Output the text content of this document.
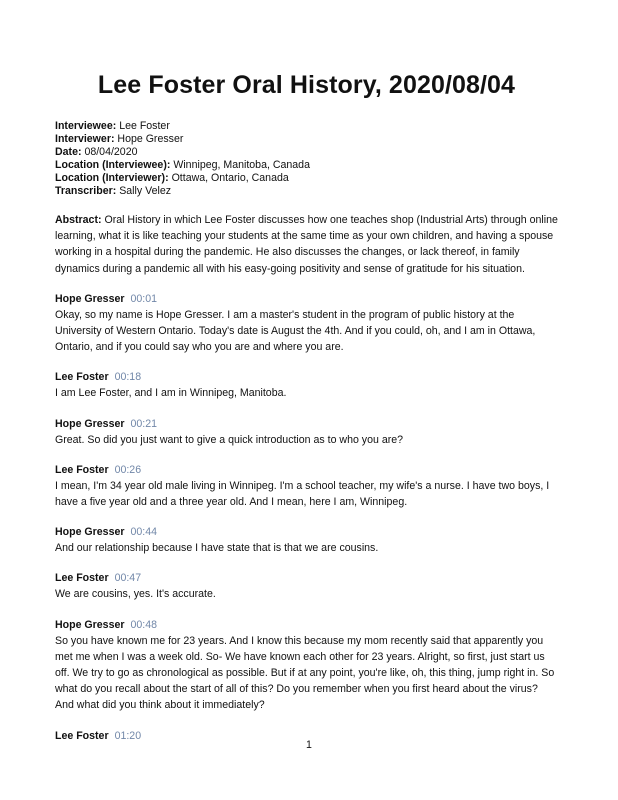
Lee Foster Oral History, 2020/08/04
Interviewee: Lee Foster
Interviewer: Hope Gresser
Date: 08/04/2020
Location (Interviewee): Winnipeg, Manitoba, Canada
Location (Interviewer): Ottawa, Ontario, Canada
Transcriber: Sally Velez
Abstract: Oral History in which Lee Foster discusses how one teaches shop (Industrial Arts) through online learning, what it is like teaching your students at the same time as your own children, and having a spouse working in a hospital during the pandemic. He also discusses the changes, or lack thereof, in family dynamics during a pandemic all with his easy-going positivity and sense of gratitude for his situation.
Hope Gresser 00:01
Okay, so my name is Hope Gresser. I am a master's student in the program of public history at the University of Western Ontario. Today's date is August the 4th. And if you could, oh, and I am in Ottawa, Ontario, and if you could say who you are and where you are.
Lee Foster 00:18
I am Lee Foster, and I am in Winnipeg, Manitoba.
Hope Gresser 00:21
Great. So did you just want to give a quick introduction as to who you are?
Lee Foster 00:26
I mean, I'm 34 year old male living in Winnipeg. I'm a school teacher, my wife's a nurse. I have two boys, I have a five year old and a three year old. And I mean, here I am, Winnipeg.
Hope Gresser 00:44
And our relationship because I have state that is that we are cousins.
Lee Foster 00:47
We are cousins, yes. It's accurate.
Hope Gresser 00:48
So you have known me for 23 years. And I know this because my mom recently said that apparently you met me when I was a week old. So- We have known each other for 23 years. Alright, so first, just start us off. We try to go as chronological as possible. But if at any point, you're like, oh, this thing, jump right in. So what do you recall about the start of all of this? Do you remember when you first heard about the virus? And what did you think about it immediately?
Lee Foster 01:20
1
